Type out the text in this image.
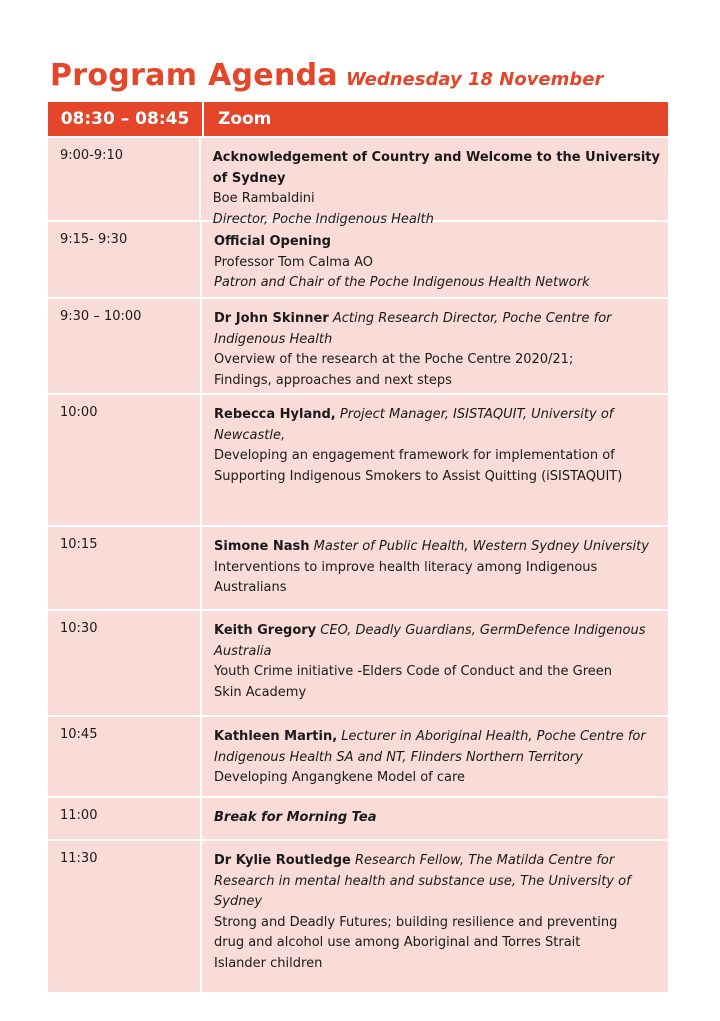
Program Agenda Wednesday 18 November
08:30 – 08:45	Zoom
9:00-9:10	Acknowledgement of Country and Welcome to the University
of Sydney
Boe Rambaldini
Director, Poche Indigenous Health
9:15- 9:30	Official Opening
Professor Tom Calma AO
Patron and Chair of the Poche Indigenous Health Network
9:30 – 10:00	Dr John Skinner Acting Research Director, Poche Centre for
Indigenous Health
Overview of the research at the Poche Centre 2020/21;
Findings, approaches and next steps
10:00	Rebecca Hyland, Project Manager, ISISTAQUIT, University of
Newcastle,
Developing an engagement framework for implementation of
Supporting Indigenous Smokers to Assist Quitting (iSISTAQUIT)
10:15	Simone Nash Master of Public Health, Western Sydney University
Interventions to improve health literacy among Indigenous
Australians
10:30	Keith Gregory CEO, Deadly Guardians, GermDefence Indigenous
Australia
Youth Crime initiative -Elders Code of Conduct and the Green
Skin Academy
10:45	Kathleen Martin, Lecturer in Aboriginal Health, Poche Centre for
Indigenous Health SA and NT, Flinders Northern Territory
Developing Angangkene Model of care
11:00	Break for Morning Tea
11:30	Dr Kylie Routledge Research Fellow, The Matilda Centre for
Research in mental health and substance use, The University of
Sydney
Strong and Deadly Futures; building resilience and preventing
drug and alcohol use among Aboriginal and Torres Strait
Islander children
